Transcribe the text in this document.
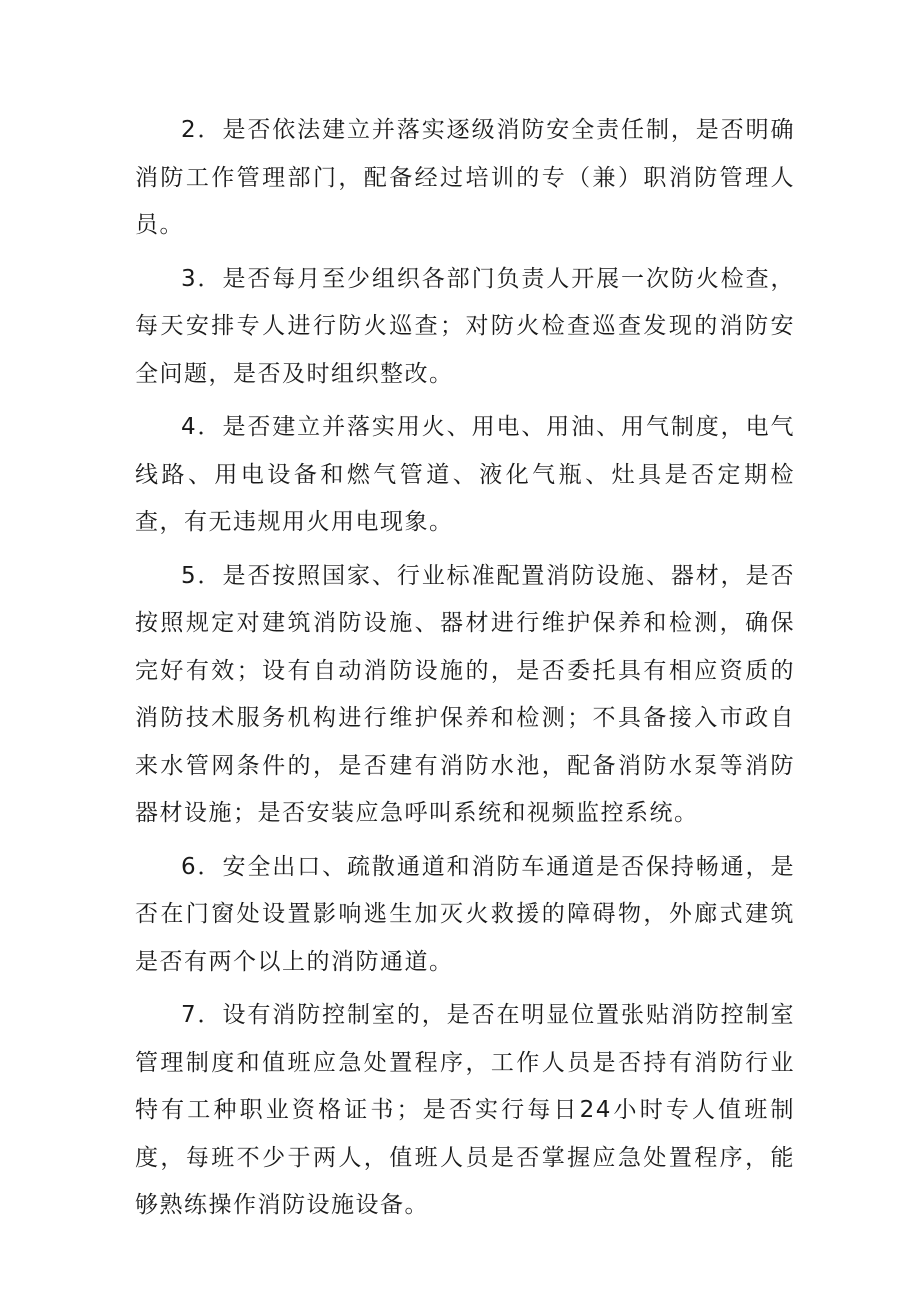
2．是否依法建立并落实逐级消防安全责任制，是否明确消防工作管理部门，配备经过培训的专（兼）职消防管理人员。

3．是否每月至少组织各部门负责人开展一次防火检查，每天安排专人进行防火巡查；对防火检查巡查发现的消防安全问题，是否及时组织整改。

4．是否建立并落实用火、用电、用油、用气制度，电气线路、用电设备和燃气管道、液化气瓶、灶具是否定期检查，有无违规用火用电现象。

5．是否按照国家、行业标准配置消防设施、器材，是否按照规定对建筑消防设施、器材进行维护保养和检测，确保完好有效；设有自动消防设施的，是否委托具有相应资质的消防技术服务机构进行维护保养和检测；不具备接入市政自来水管网条件的，是否建有消防水池，配备消防水泵等消防器材设施；是否安装应急呼叫系统和视频监控系统。

6．安全出口、疏散通道和消防车通道是否保持畅通，是否在门窗处设置影响逃生加灭火救援的障碍物，外廊式建筑是否有两个以上的消防通道。

7．设有消防控制室的，是否在明显位置张贴消防控制室管理制度和值班应急处置程序，工作人员是否持有消防行业特有工种职业资格证书；是否实行每日24小时专人值班制度，每班不少于两人，值班人员是否掌握应急处置程序，能够熟练操作消防设施设备。
